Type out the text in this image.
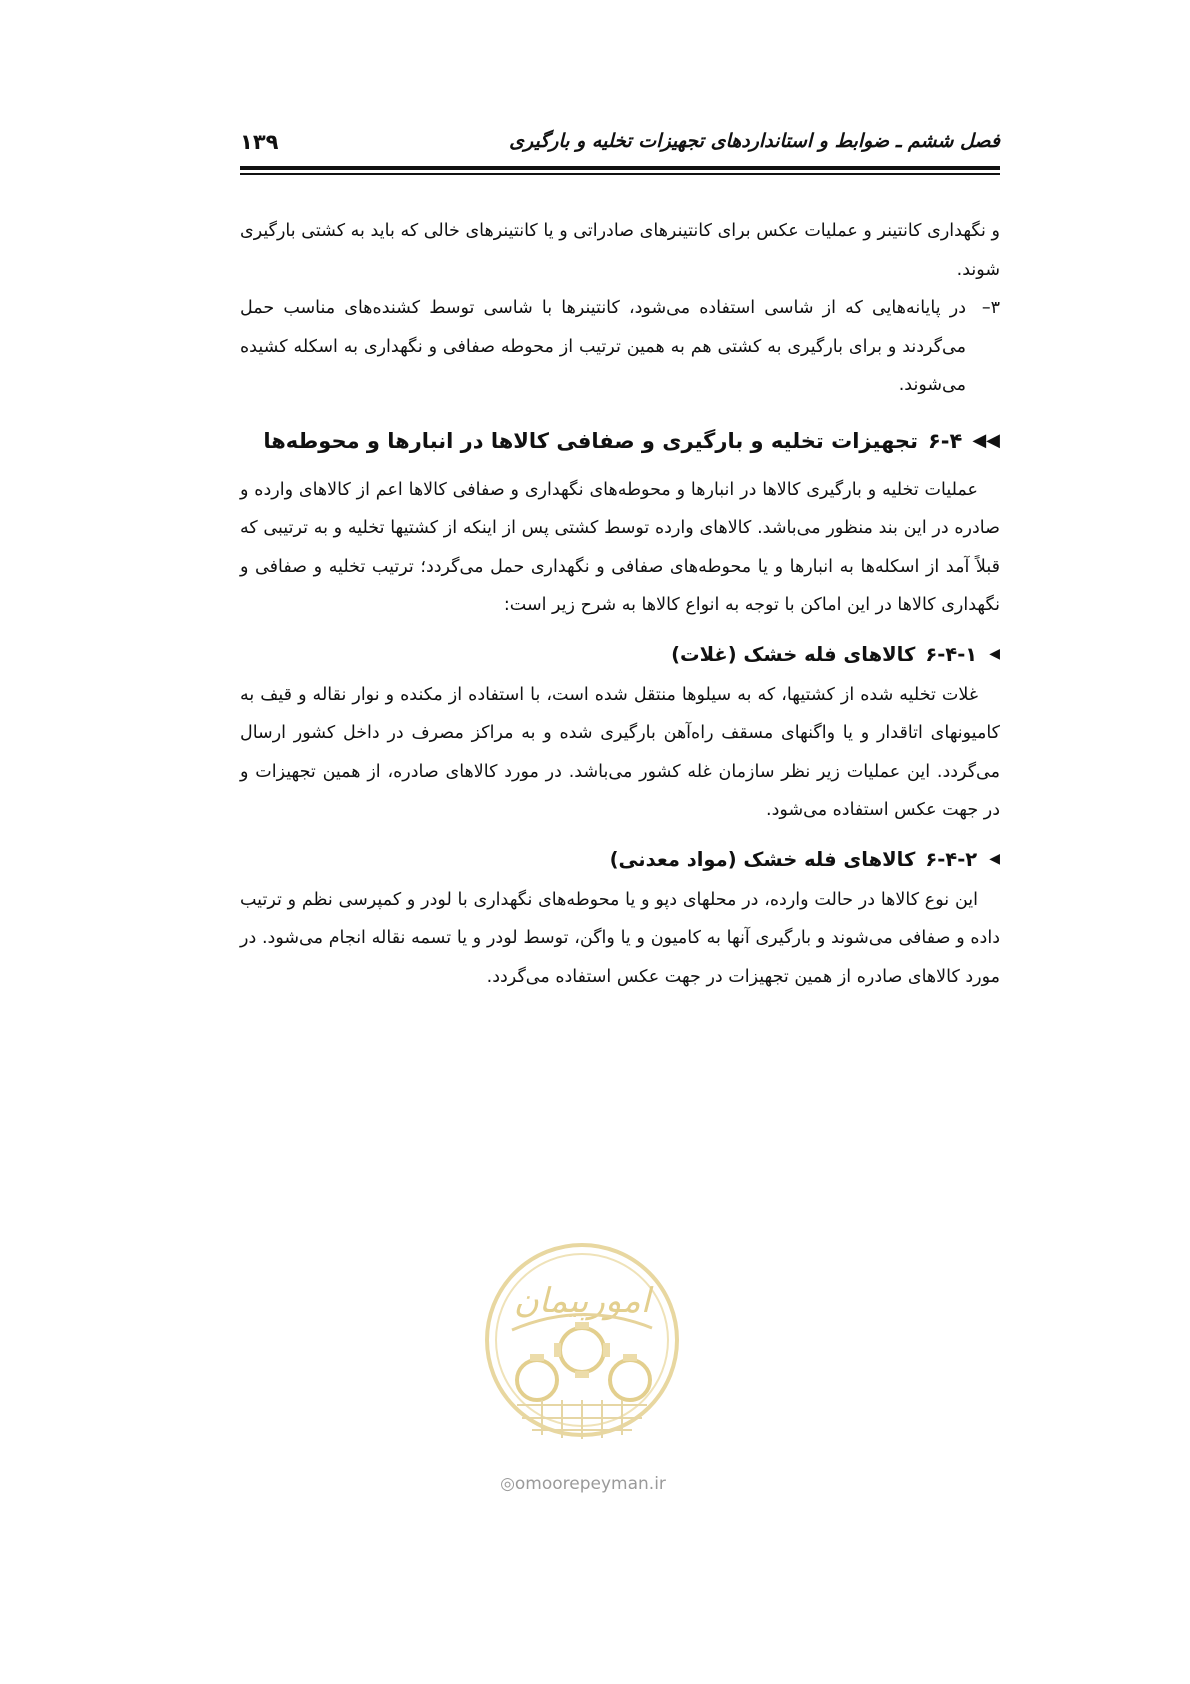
فصل ششم ـ ضوابط و استانداردهای تجهیزات تخلیه و بارگیری
۱۳۹

و نگهداری کانتینر و عملیات عکس برای کانتینرهای صادراتی و یا کانتینرهای خالی که باید به کشتی بارگیری شوند.

۳–
در پایانه‌هایی که از شاسی استفاده می‌شود، کانتینرها با شاسی توسط کشنده‌های مناسب حمل می‌گردند و برای بارگیری به کشتی هم به همین ترتیب از محوطه صفافی و نگهداری به اسکله کشیده می‌شوند.
◀◀
۶-۴
تجهیزات تخلیه و بارگیری و صفافی کالاها در انبارها و محوطه‌ها

عملیات تخلیه و بارگیری کالاها در انبارها و محوطه‌های نگهداری و صفافی کالاها اعم از کالاهای وارده و صادره در این بند منظور می‌باشد. کالاهای وارده توسط کشتی پس از اینکه از کشتیها تخلیه و به ترتیبی که قبلاً آمد از اسکله‌ها به انبارها و یا محوطه‌های صفافی و نگهداری حمل می‌گردد؛ ترتیب تخلیه و صفافی و نگهداری کالاها در این اماکن با توجه به انواع کالاها به شرح زیر است:

◀
۶-۴-۱
کالاهای فله خشک (غلات)

غلات تخلیه شده از کشتیها، که به سیلوها منتقل شده است، با استفاده از مکنده و نوار نقاله و قیف به کامیونهای اتاقدار و یا واگنهای مسقف راه‌آهن بارگیری شده و به مراکز مصرف در داخل کشور ارسال می‌گردد. این عملیات زیر نظر سازمان غله کشور می‌باشد. در مورد کالاهای صادره، از همین تجهیزات و در جهت عکس استفاده می‌شود.

◀
۶-۴-۲
کالاهای فله خشک (مواد معدنی)

این نوع کالاها در حالت وارده، در محلهای دپو و یا محوطه‌های نگهداری با لودر و کمپرسی نظم و ترتیب داده و صفافی می‌شوند و بارگیری آنها به کامیون و یا واگن، توسط لودر و یا تسمه نقاله انجام می‌شود. در مورد کالاهای صادره از همین تجهیزات در جهت عکس استفاده می‌گردد.

امورپیمان
◎omoorepeyman.ir
